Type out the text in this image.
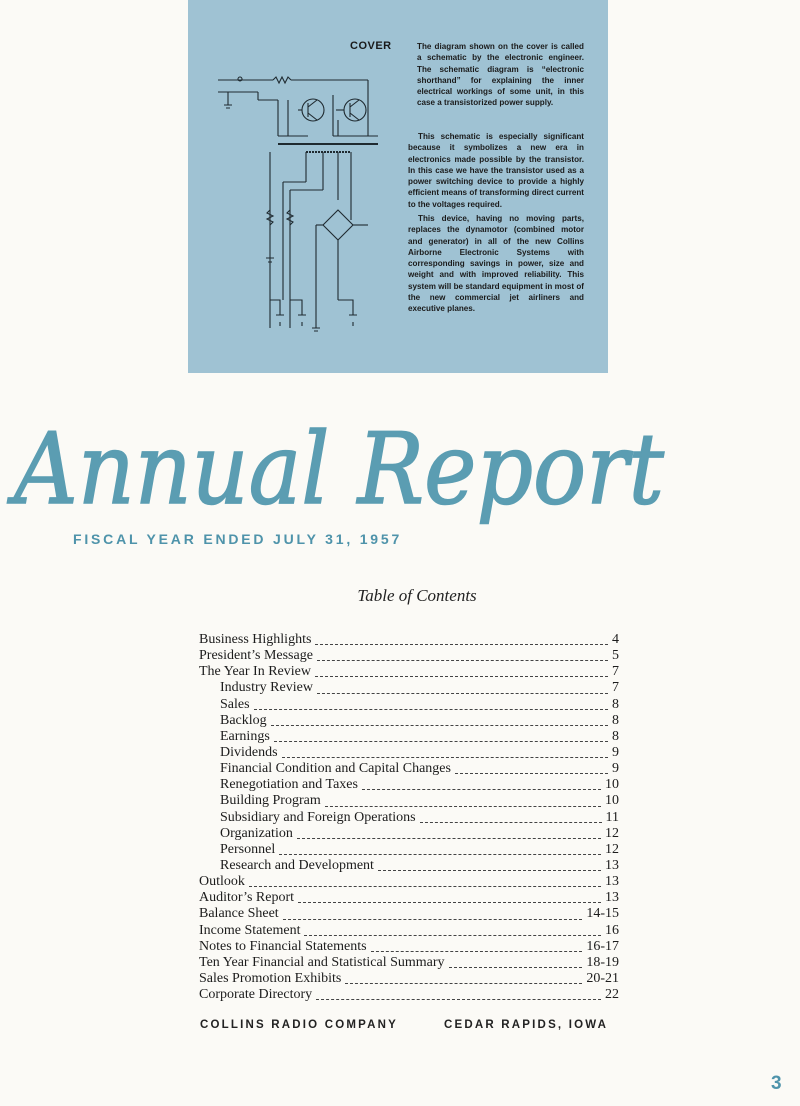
COVER	The diagram shown on the cover is called a schematic by the electronic engineer. The schematic diagram is “electronic shorthand” for explaining the inner electrical workings of some unit, in this case a transistorized power supply.

This schematic is especially significant because it symbolizes a new era in electronics made possible by the transistor. In this case we have the transistor used as a power switching device to provide a highly efficient means of transforming direct current to the voltages required.

This device, having no moving parts, replaces the dynamotor (combined motor and generator) in all of the new Collins Airborne Electronic Systems with corresponding savings in power, size and weight and with improved reliability. This system will be standard equipment in most of the new commercial jet airliners and executive planes.

Annual Report
FISCAL YEAR ENDED JULY 31, 1957
Table of Contents
Business Highlights	4
President’s Message	5
The Year In Review	7
Industry Review	7
Sales	8
Backlog	8
Earnings	8
Dividends	9
Financial Condition and Capital Changes	9
Renegotiation and Taxes	10
Building Program	10
Subsidiary and Foreign Operations	11
Organization	12
Personnel	12
Research and Development	13
Outlook	13
Auditor’s Report	13
Balance Sheet	14-15
Income Statement	16
Notes to Financial Statements	16-17
Ten Year Financial and Statistical Summary	18-19
Sales Promotion Exhibits	20-21
Corporate Directory	22
COLLINS RADIO COMPANY	CEDAR RAPIDS, IOWA
3
